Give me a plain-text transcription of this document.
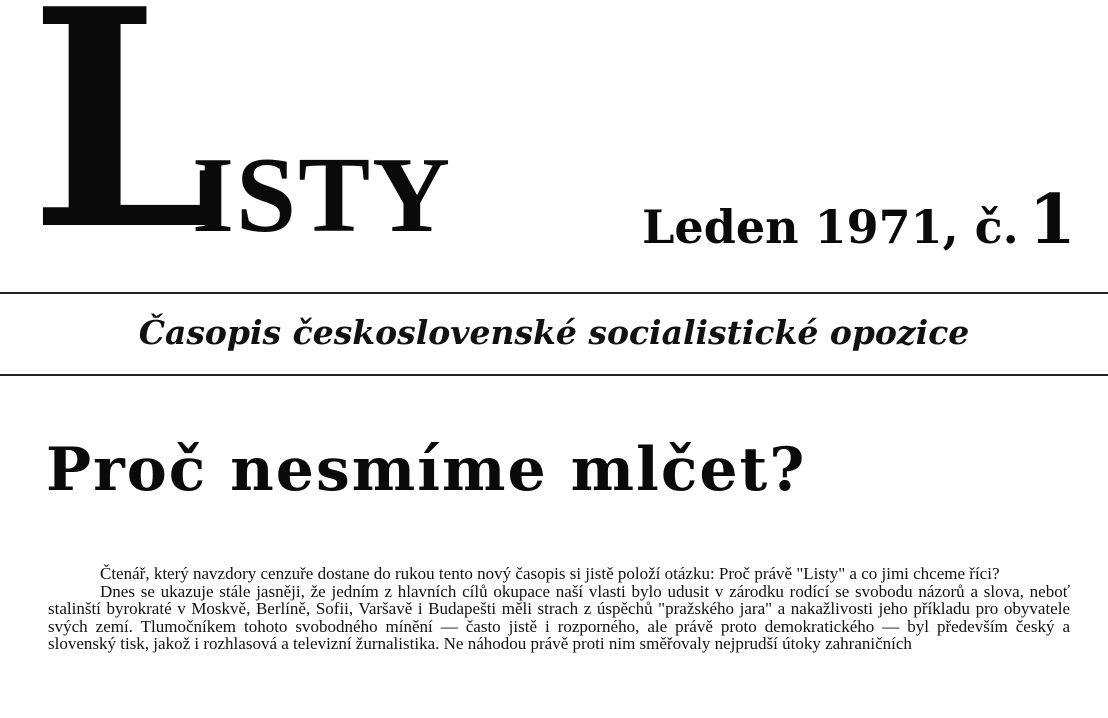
L
ISTY	Leden 1971, č. 1
Časopis československé socialistické opozice
Proč nesmíme mlčet?

Čtenář, který navzdory cenzuře dostane do rukou tento nový časopis si jistě položí otázku: Proč právě "Listy" a co jimi chceme říci?

Dnes se ukazuje stále jasněji, že jedním z hlavních cílů okupace naší vlasti bylo udusit v zárodku rodící se svobodu názorů a slova, neboť stalinští byrokraté v Moskvě, Berlíně, Sofii, Varšavě i Budapešti měli strach z úspěchů "pražského jara" a nakažlivosti jeho příkladu pro obyvatele svých zemí. Tlumočníkem tohoto svobodného mínění — často jistě i rozporného, ale právě proto demokratického — byl především český a slovenský tisk, jakož i rozhlasová a televizní žurnalistika. Ne náhodou právě proti nim směřovaly nejprudší útoky zahraničních
